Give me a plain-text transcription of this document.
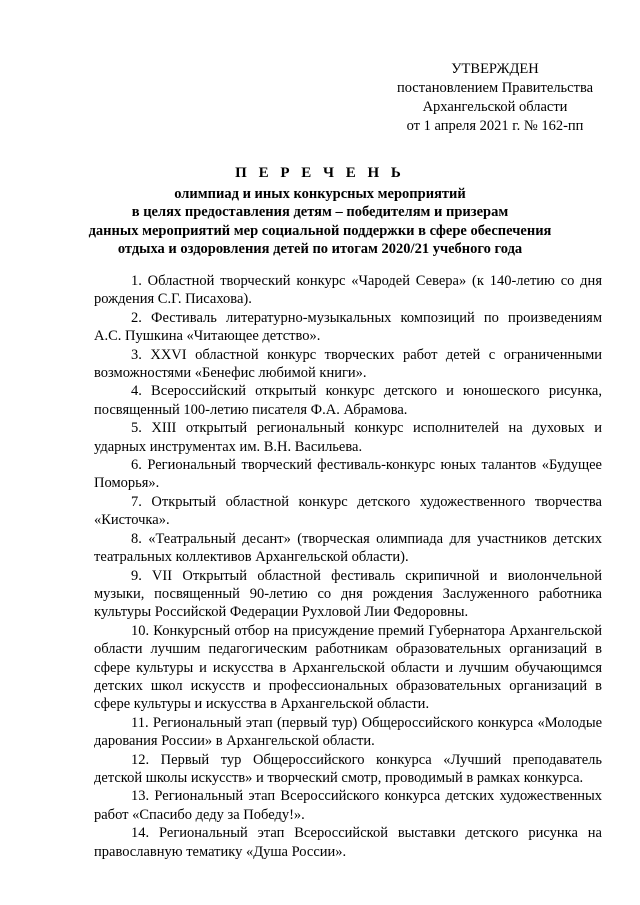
УТВЕРЖДЕН
постановлением Правительства
Архангельской области
от 1 апреля 2021 г. № 162-пп
П Е Р Е Ч Е Н Ь
олимпиад и иных конкурсных мероприятий
в целях предоставления детям – победителям и призерам
данных мероприятий мер социальной поддержки в сфере обеспечения
отдыха и оздоровления детей по итогам 2020/21 учебного года

1. Областной творческий конкурс «Чародей Севера» (к 140-летию со дня рождения С.Г. Писахова).

2. Фестиваль литературно-музыкальных композиций по произведениям А.С. Пушкина «Читающее детство».

3. XXVI областной конкурс творческих работ детей с ограниченными возможностями «Бенефис любимой книги».

4. Всероссийский открытый конкурс детского и юношеского рисунка, посвященный 100-летию писателя Ф.А. Абрамова.

5. XIII открытый региональный конкурс исполнителей на духовых и ударных инструментах им. В.Н. Васильева.

6. Региональный творческий фестиваль-конкурс юных талантов «Будущее Поморья».

7. Открытый областной конкурс детского художественного творчества «Кисточка».

8. «Театральный десант» (творческая олимпиада для участников детских театральных коллективов Архангельской области).

9. VII Открытый областной фестиваль скрипичной и виолончельной музыки, посвященный 90-летию со дня рождения Заслуженного работника культуры Российской Федерации Рухловой Лии Федоровны.

10. Конкурсный отбор на присуждение премий Губернатора Архангельской области лучшим педагогическим работникам образовательных организаций в сфере культуры и искусства в Архангельской области и лучшим обучающимся детских школ искусств и профессиональных образовательных организаций в сфере культуры и искусства в Архангельской области.

11. Региональный этап (первый тур) Общероссийского конкурса «Молодые дарования России» в Архангельской области.

12. Первый тур Общероссийского конкурса «Лучший преподаватель детской школы искусств» и творческий смотр, проводимый в рамках конкурса.

13. Региональный этап Всероссийского конкурса детских художественных работ «Спасибо деду за Победу!».

14. Региональный этап Всероссийской выставки детского рисунка на православную тематику «Душа России».
